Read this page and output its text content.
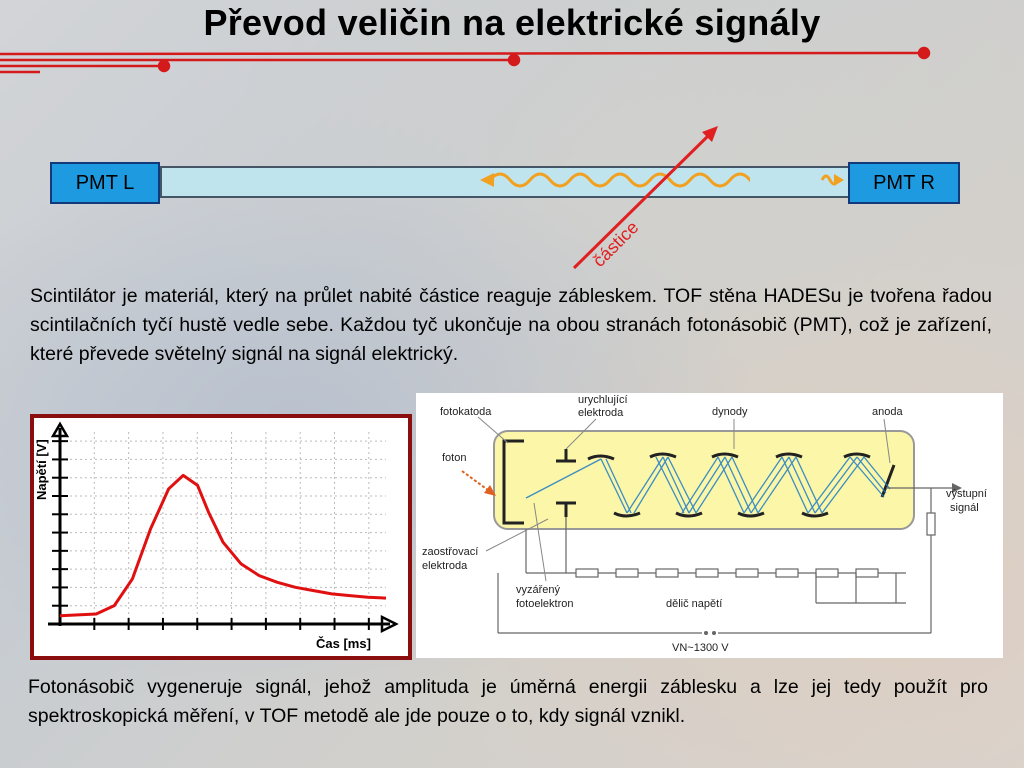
Převod veličin na elektrické signály
PMT L	PMT R
částice
Scintilátor je materiál, který na průlet nabité částice reaguje zábleskem. TOF stěna HADESu je tvořena řadou scintilačních tyčí hustě vedle sebe. Každou tyč ukončuje na obou stranách fotonásobič (PMT), což je zařízení, které převede světelný signál na signál elektrický.
Napětí [V]
Čas [ms]
fotokatoda
urychlující
elektroda	dynody	anoda
foton
výstupní
signál
zaostřovací
elektroda
vyzářený
fotoelektron	dělič napětí
VN~1300 V
Fotonásobič vygeneruje signál, jehož amplituda je úměrná energii záblesku a lze jej tedy použít pro spektroskopická měření, v TOF metodě ale jde pouze o to, kdy signál vznikl.
